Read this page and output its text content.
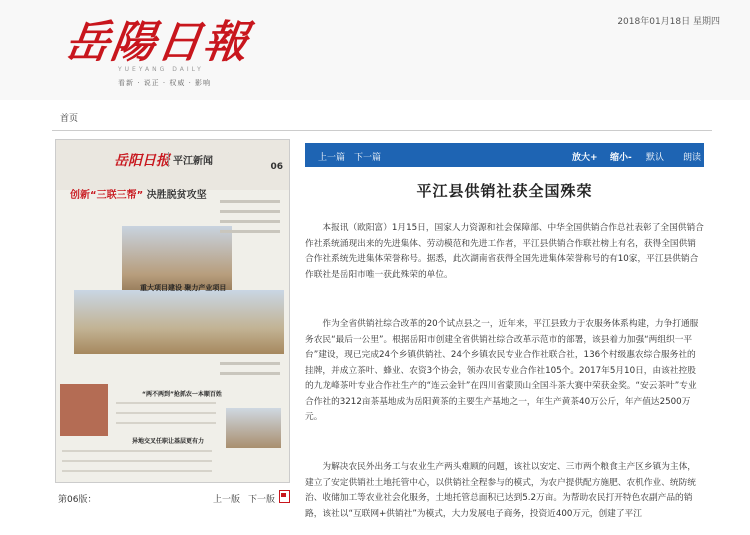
岳陽日報
YUEYANG DAILY
看新 · 说正 · 权威 · 影响
2018年01月18日 星期四
首页
岳阳日报 平江新闻	06
创新“三联三帮” 决胜脱贫攻坚
重大项目建设 聚力产业项目
“两不两到”抢抓农一本顺百姓
异地交叉任职让基层更有力
第06版：	上一版 下一版
上一篇 下一篇	放大+ 缩小- 默认 朗读
平江县供销社获全国殊荣

本报讯（欧阳富）1月15日，国家人力资源和社会保障部、中华全国供销合作总社表彰了全国供销合作社系统涌现出来的先进集体、劳动模范和先进工作者，平江县供销合作联社榜上有名，获得全国供销合作社系统先进集体荣誉称号。据悉，此次湖南省获得全国先进集体荣誉称号的有10家，平江县供销合作联社是岳阳市唯一获此殊荣的单位。

作为全省供销社综合改革的20个试点县之一，近年来，平江县致力于农服务体系构建，力争打通服务农民“最后一公里”。根据岳阳市创建全省供销社综合改革示范市的部署，该县着力加强“两组织一平台”建设，现已完成24个乡镇供销社、24个乡镇农民专业合作社联合社，136个村级惠农综合服务社的挂牌，并成立茶叶、蜂业、农资3个协会，领办农民专业合作社105个。2017年5月10日，由该社控股的九龙峰茶叶专业合作社生产的“连云金针”在四川省蒙顶山全国斗茶大赛中荣获金奖。“安云茶叶”专业合作社的3212亩茶基地成为岳阳黄茶的主要生产基地之一，年生产黄茶40万公斤，年产值达2500万元。

为解决农民外出务工与农业生产两头难顾的问题，该社以安定、三市两个粮食主产区乡镇为主体，建立了安定供销社土地托管中心，以供销社全程参与的模式，为农户提供配方施肥、农机作业、统防统治、收储加工等农业社会化服务，土地托管总面积已达到5.2万亩。为帮助农民打开特色农副产品的销路，该社以“互联网+供销社”为模式，大力发展电子商务，投资近400万元，创建了平江
